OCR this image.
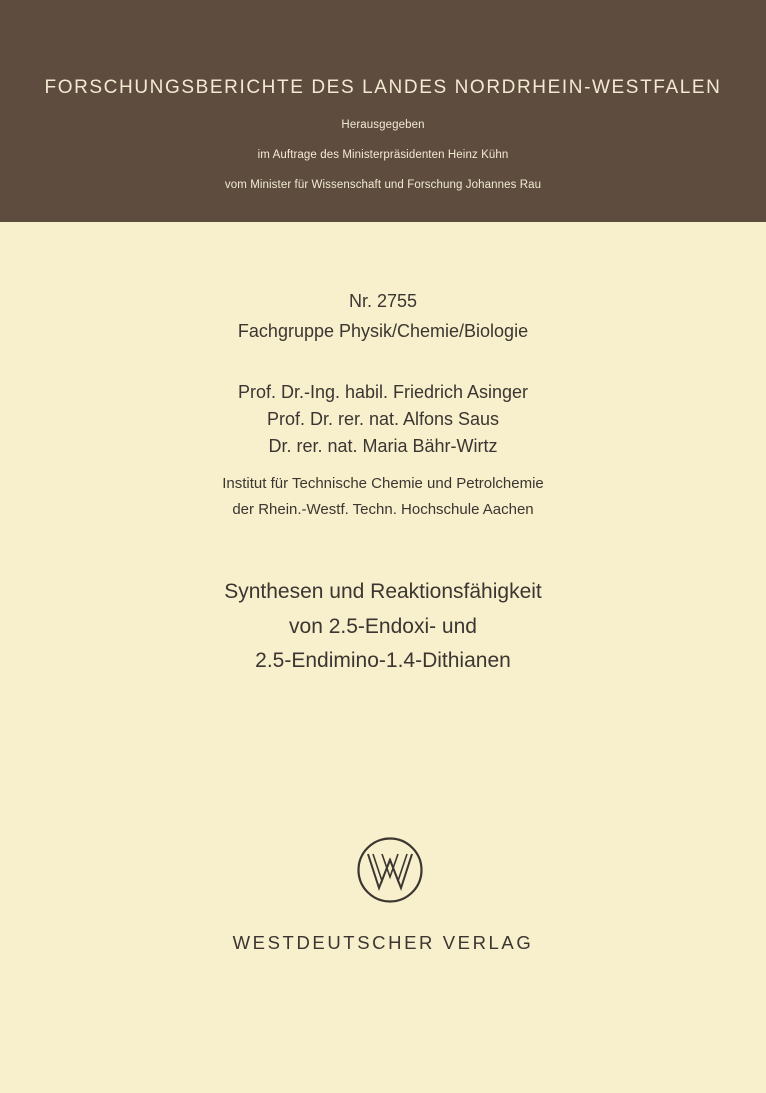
FORSCHUNGSBERICHTE DES LANDES NORDRHEIN-WESTFALEN
Herausgegeben
im Auftrage des Ministerpräsidenten Heinz Kühn
vom Minister für Wissenschaft und Forschung Johannes Rau
Nr. 2755
Fachgruppe Physik/Chemie/Biologie
Prof. Dr.-Ing. habil. Friedrich Asinger
Prof. Dr. rer. nat. Alfons Saus
Dr. rer. nat. Maria Bähr-Wirtz
Institut für Technische Chemie und Petrolchemie
der Rhein.-Westf. Techn. Hochschule Aachen
Synthesen und Reaktionsfähigkeit
von 2.5-Endoxi- und
2.5-Endimino-1.4-Dithianen
WESTDEUTSCHER VERLAG
